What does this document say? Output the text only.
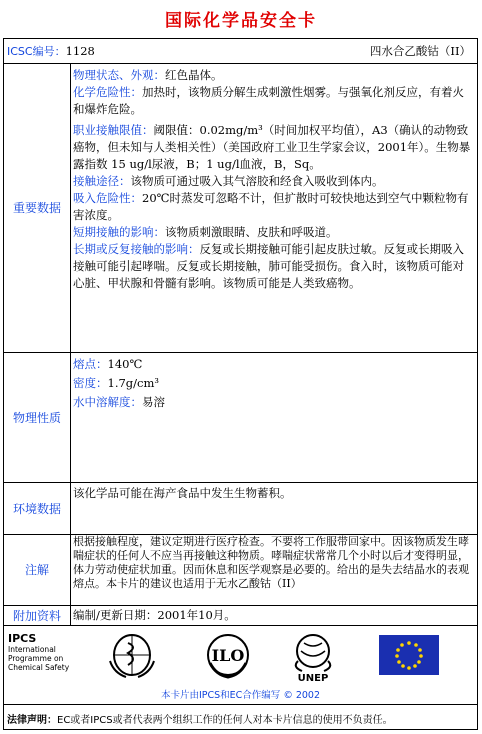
国际化学品安全卡
ICSC编号：1128	四水合乙酸钴（II）
重要数据
物理状态、外观：红色晶体。
化学危险性：加热时，该物质分解生成刺激性烟雾。与强氧化剂反应，有着火和爆炸危险。
职业接触限值：阈限值：0.02mg/m³（时间加权平均值），A3（确认的动物致癌物，但未知与人类相关性）（美国政府工业卫生学家会议，2001年）。生物暴露指数 15 ug/l尿液，B；1 ug/l血液，B，Sq。
接触途径：该物质可通过吸入其气溶胶和经食入吸收到体内。
吸入危险性：20℃时蒸发可忽略不计，但扩散时可较快地达到空气中颗粒物有害浓度。
短期接触的影响：该物质刺激眼睛、皮肤和呼吸道。
长期或反复接触的影响：反复或长期接触可能引起皮肤过敏。反复或长期吸入接触可能引起哮喘。反复或长期接触，肺可能受损伤。食入时，该物质可能对心脏、甲状腺和骨髓有影响。该物质可能是人类致癌物。
物理性质
熔点：140℃
密度：1.7g/cm³
水中溶解度：易溶
环境数据
该化学品可能在海产食品中发生生物蓄积。
注解
根据接触程度，建议定期进行医疗检查。不要将工作服带回家中。因该物质发生哮喘症状的任何人不应当再接触这种物质。哮喘症状常常几个小时以后才变得明显，体力劳动使症状加重。因而休息和医学观察是必要的。给出的是失去结晶水的表观熔点。本卡片的建议也适用于无水乙酸钴（II）
附加资料	编制/更新日期：2001年10月。
IPCS
International
Programme on
Chemical Safety
ILO
UNEP
本卡片由IPCS和EC合作编写 © 2002
法律声明：EC或者IPCS或者代表两个组织工作的任何人对本卡片信息的使用不负责任。
